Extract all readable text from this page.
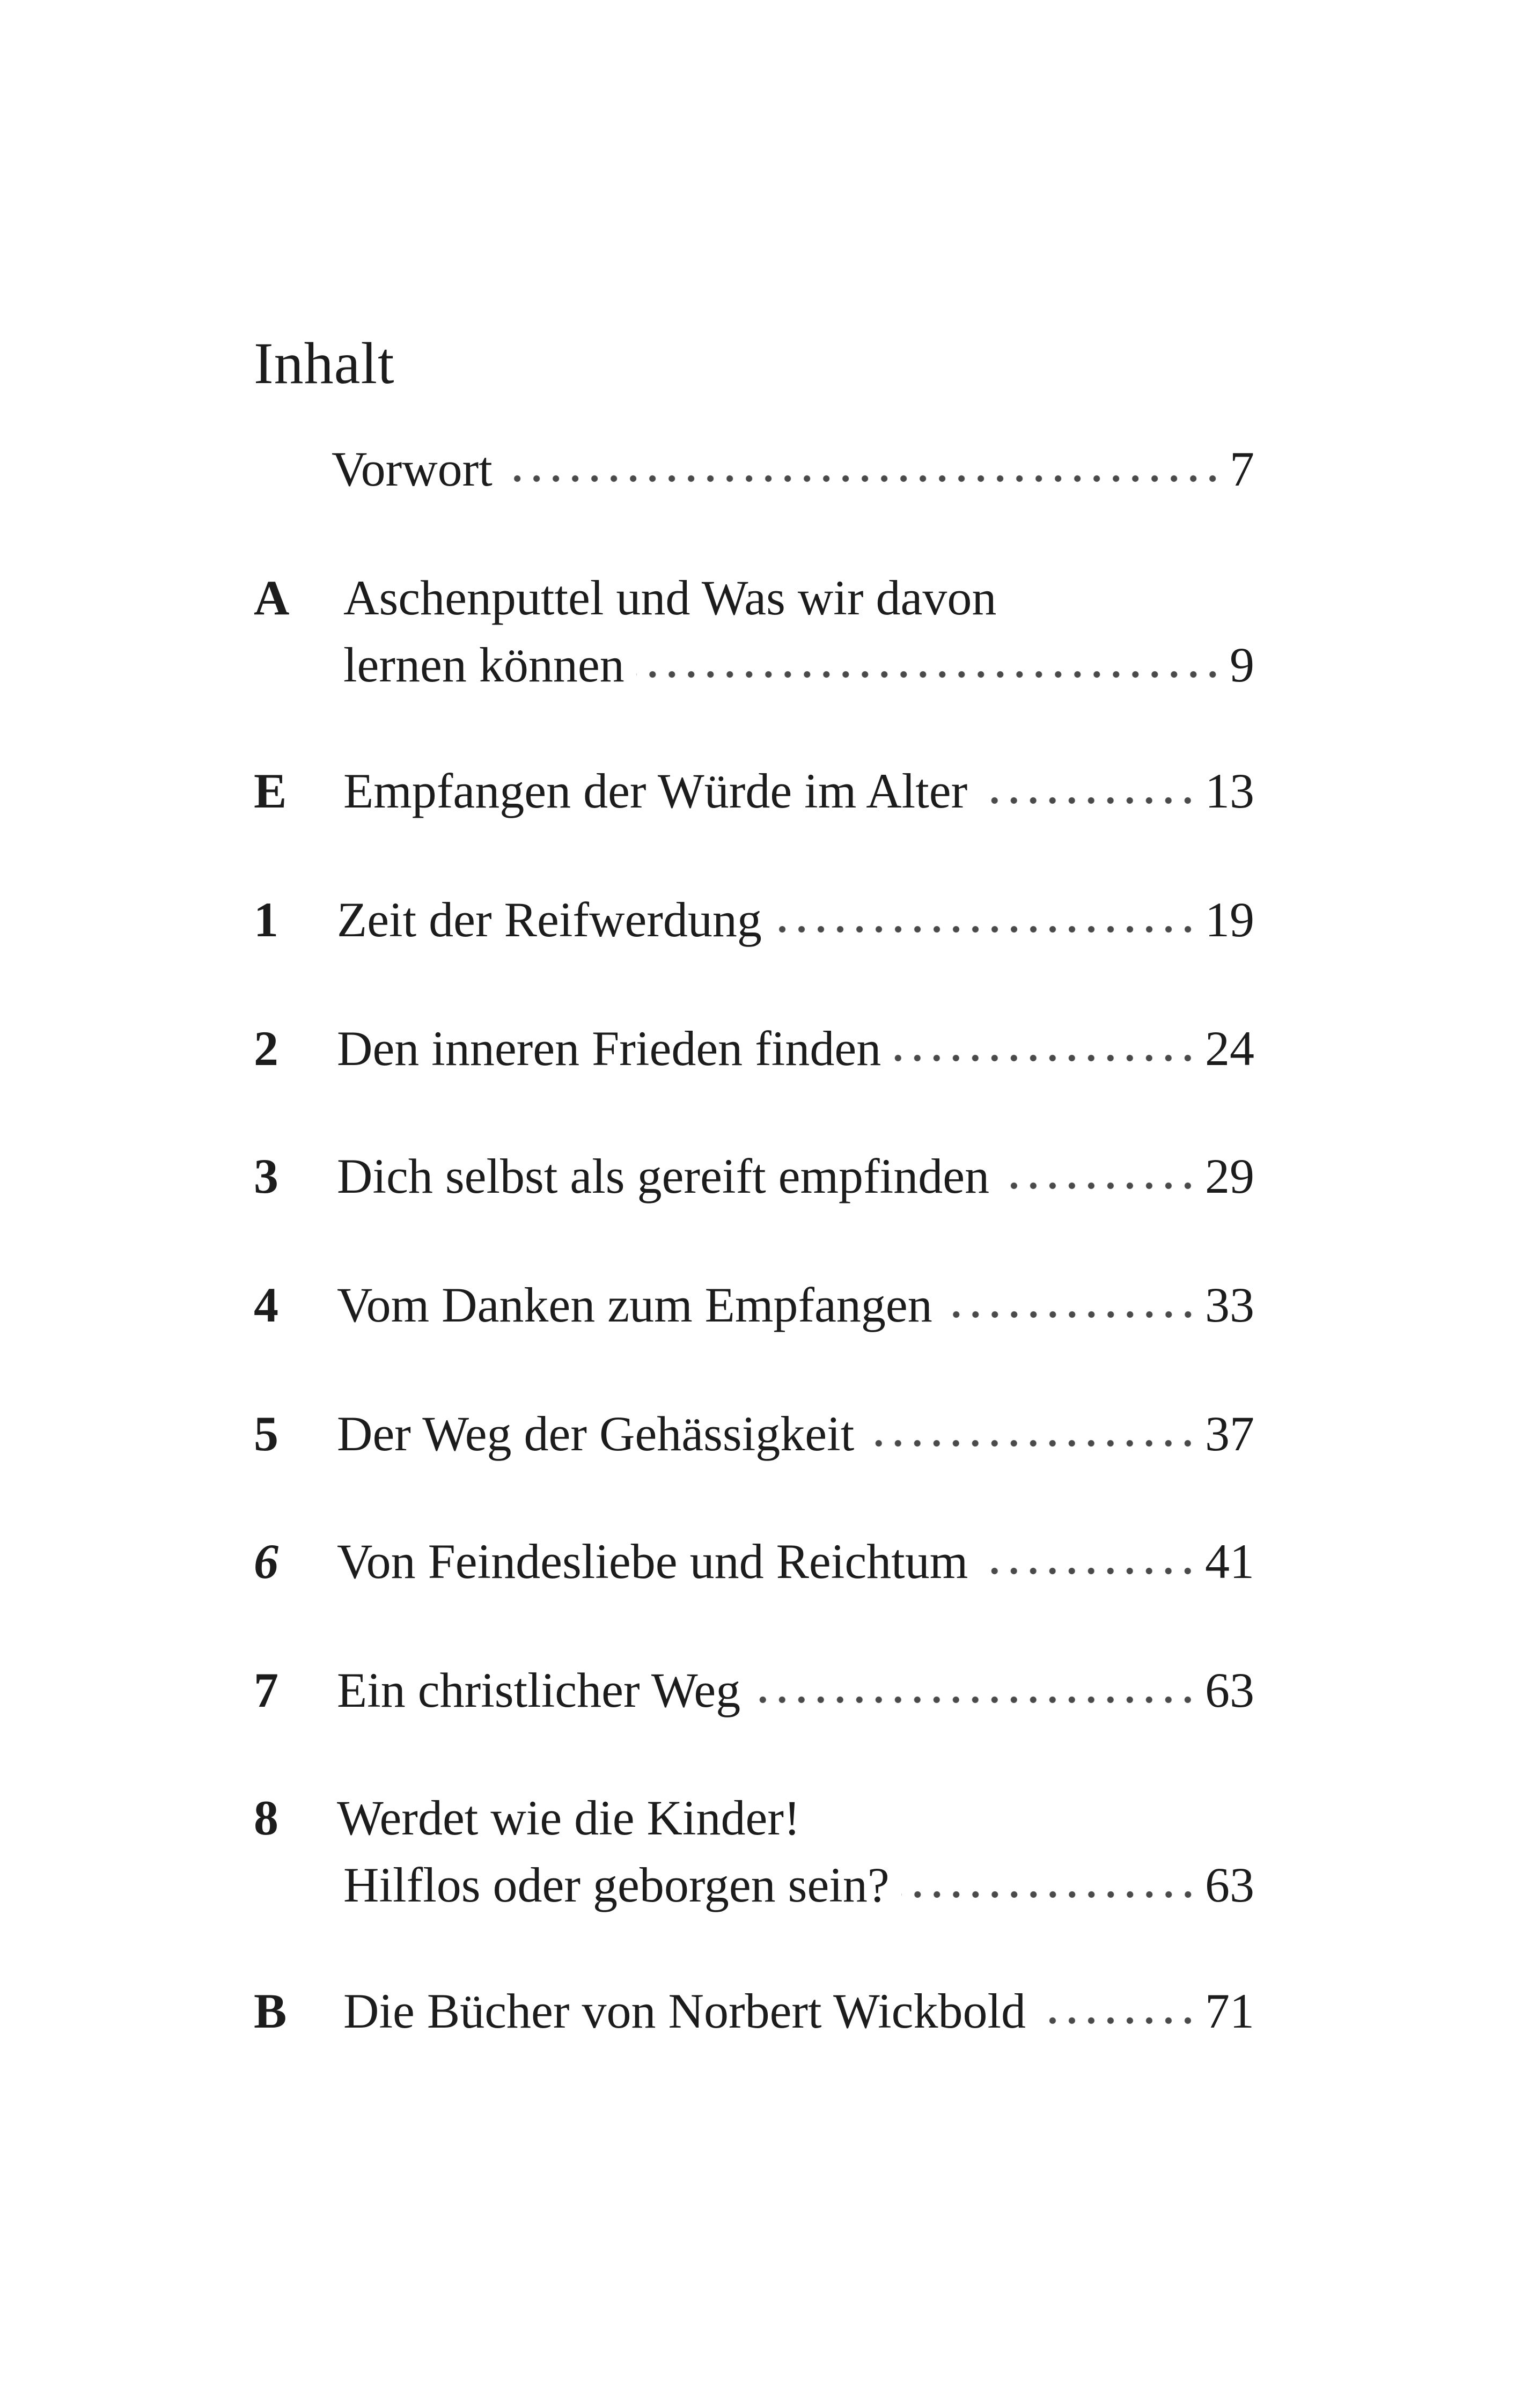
Inhalt
Vorwort	7
A Aschenputtel und Was wir davon
lernen können	9
E Empfangen der Würde im Alter	13
1 Zeit der Reifwerdung	19
2 Den inneren Frieden finden	24
3 Dich selbst als gereift empfinden	29
4 Vom Danken zum Empfangen	33
5 Der Weg der Gehässigkeit	37
6 Von Feindesliebe und Reichtum	41
7 Ein christlicher Weg	63
8 Werdet wie die Kinder!
Hilflos oder geborgen sein?	63
B Die Bücher von Norbert Wickbold	71
